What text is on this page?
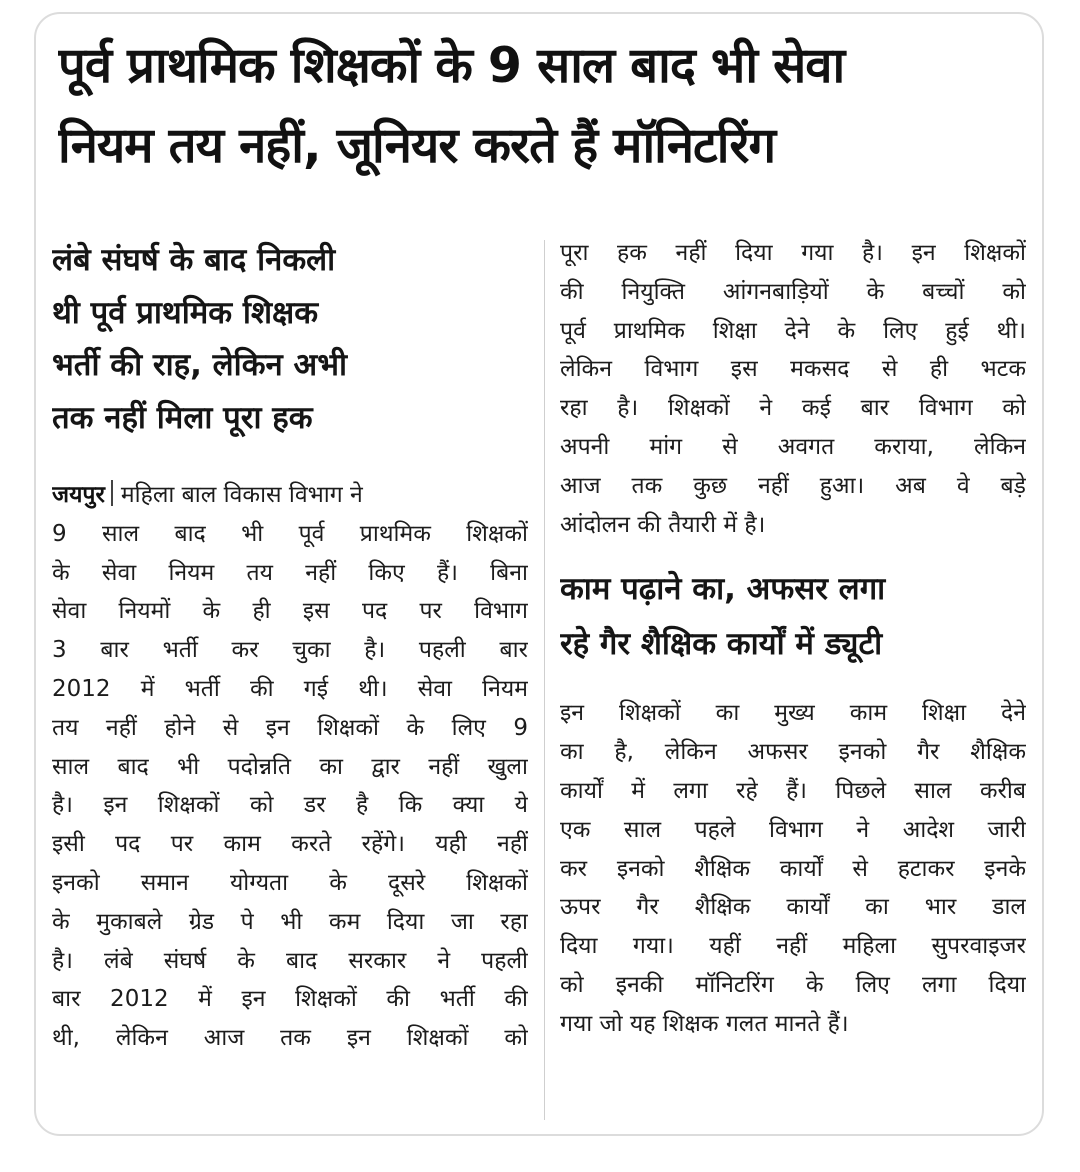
पूर्व प्राथमिक शिक्षकों के 9 साल बाद भी सेवा
नियम तय नहीं, जूनियर करते हैं मॉनिटरिंग
लंबे संघर्ष के बाद निकली
थी पूर्व प्राथमिक शिक्षक
भर्ती की राह, लेकिन अभी
तक नहीं मिला पूरा हक
जयपुर महिला बाल विकास विभाग ने
9 साल बाद भी पूर्व प्राथमिक शिक्षकों
के सेवा नियम तय नहीं किए हैं। बिना
सेवा नियमों के ही इस पद पर विभाग
3 बार भर्ती कर चुका है। पहली बार
2012 में भर्ती की गई थी। सेवा नियम
तय नहीं होने से इन शिक्षकों के लिए 9
साल बाद भी पदोन्नति का द्वार नहीं खुला
है। इन शिक्षकों को डर है कि क्या ये
इसी पद पर काम करते रहेंगे। यही नहीं
इनको समान योग्यता के दूसरे शिक्षकों
के मुकाबले ग्रेड पे भी कम दिया जा रहा
है। लंबे संघर्ष के बाद सरकार ने पहली
बार 2012 में इन शिक्षकों की भर्ती की
थी, लेकिन आज तक इन शिक्षकों को
पूरा हक नहीं दिया गया है। इन शिक्षकों
की नियुक्ति आंगनबाड़ियों के बच्चों को
पूर्व प्राथमिक शिक्षा देने के लिए हुई थी।
लेकिन विभाग इस मकसद से ही भटक
रहा है। शिक्षकों ने कई बार विभाग को
अपनी मांग से अवगत कराया, लेकिन
आज तक कुछ नहीं हुआ। अब वे बड़े
आंदोलन की तैयारी में है।
काम पढ़ाने का, अफसर लगा
रहे गैर शैक्षिक कार्यों में ड्यूटी
इन शिक्षकों का मुख्य काम शिक्षा देने
का है, लेकिन अफसर इनको गैर शैक्षिक
कार्यों में लगा रहे हैं। पिछले साल करीब
एक साल पहले विभाग ने आदेश जारी
कर इनको शैक्षिक कार्यों से हटाकर इनके
ऊपर गैर शैक्षिक कार्यों का भार डाल
दिया गया। यहीं नहीं महिला सुपरवाइजर
को इनकी मॉनिटरिंग के लिए लगा दिया
गया जो यह शिक्षक गलत मानते हैं।
